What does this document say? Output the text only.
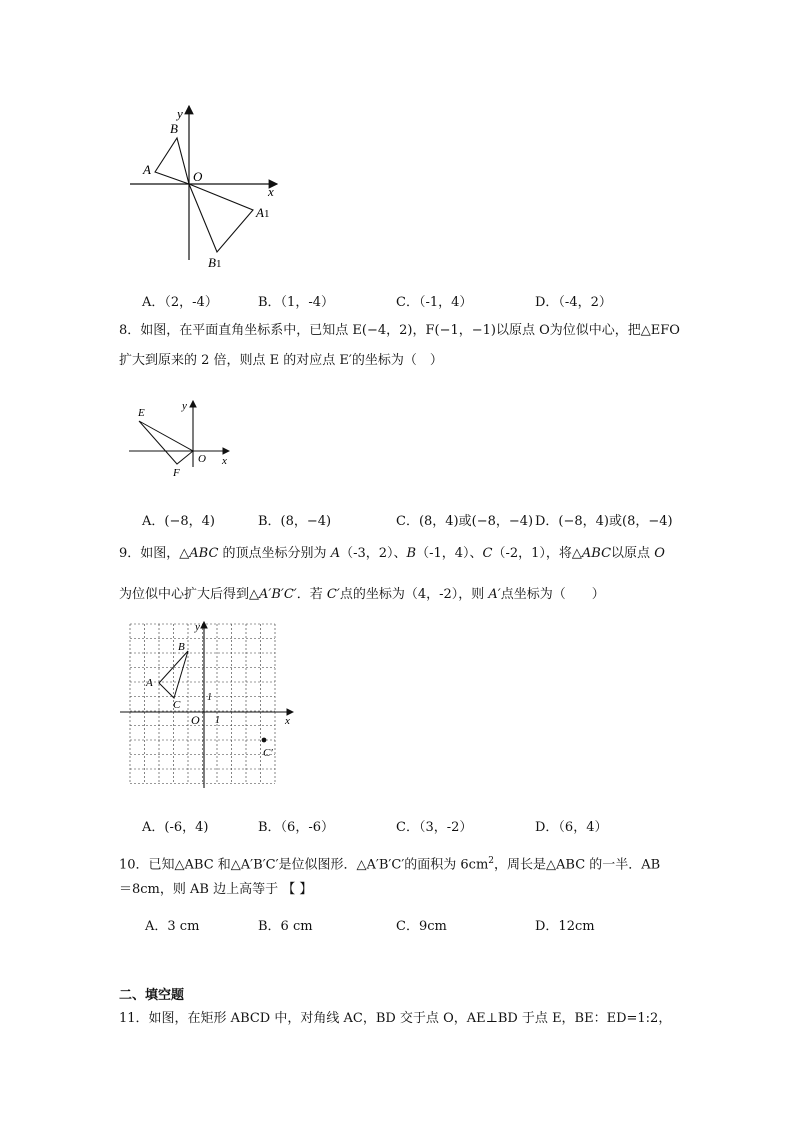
y
x
O
A
B
A1
B1
A．（2，-4）	B．（1，-4）	C．（-1，4）	D．（-4，2）
8．如图，在平面直角坐标系中，已知点 E(−4，2)，F(−1，−1)以原点 O为位似中心，把△EFO
扩大到原来的 2 倍，则点 E 的对应点 E′的坐标为（　）
y
x
O
E
F
A．(−8，4)	B．(8，−4)	C．(8，4)或(−8，−4) D．(−8，4)或(8，−4)
9．如图，△ABC 的顶点坐标分别为 A（-3，2）、B（-1，4）、C（-2，1），将△ABC以原点 O
为位似中心扩大后得到△A′B′C′．若 C′点的坐标为（4，-2），则 A′点坐标为（　　）
y
x
O
A
B
C
C′
1
1
A．(-6，4)	B．（6，-6）	C．（3，-2）	D．（6，4）
10．已知△ABC 和△A′B′C′是位似图形．△A′B′C′的面积为 $6cm^2$，周长是△ABC 的一半．AB
＝8cm，则 AB 边上高等于 【 】
A．3 cm	B．6 cm	C．9cm	D．12cm
二、填空题
11．如图，在矩形 ABCD 中，对角线 AC，BD 交于点 O，AE⊥BD 于点 E，BE：ED=1:2，
